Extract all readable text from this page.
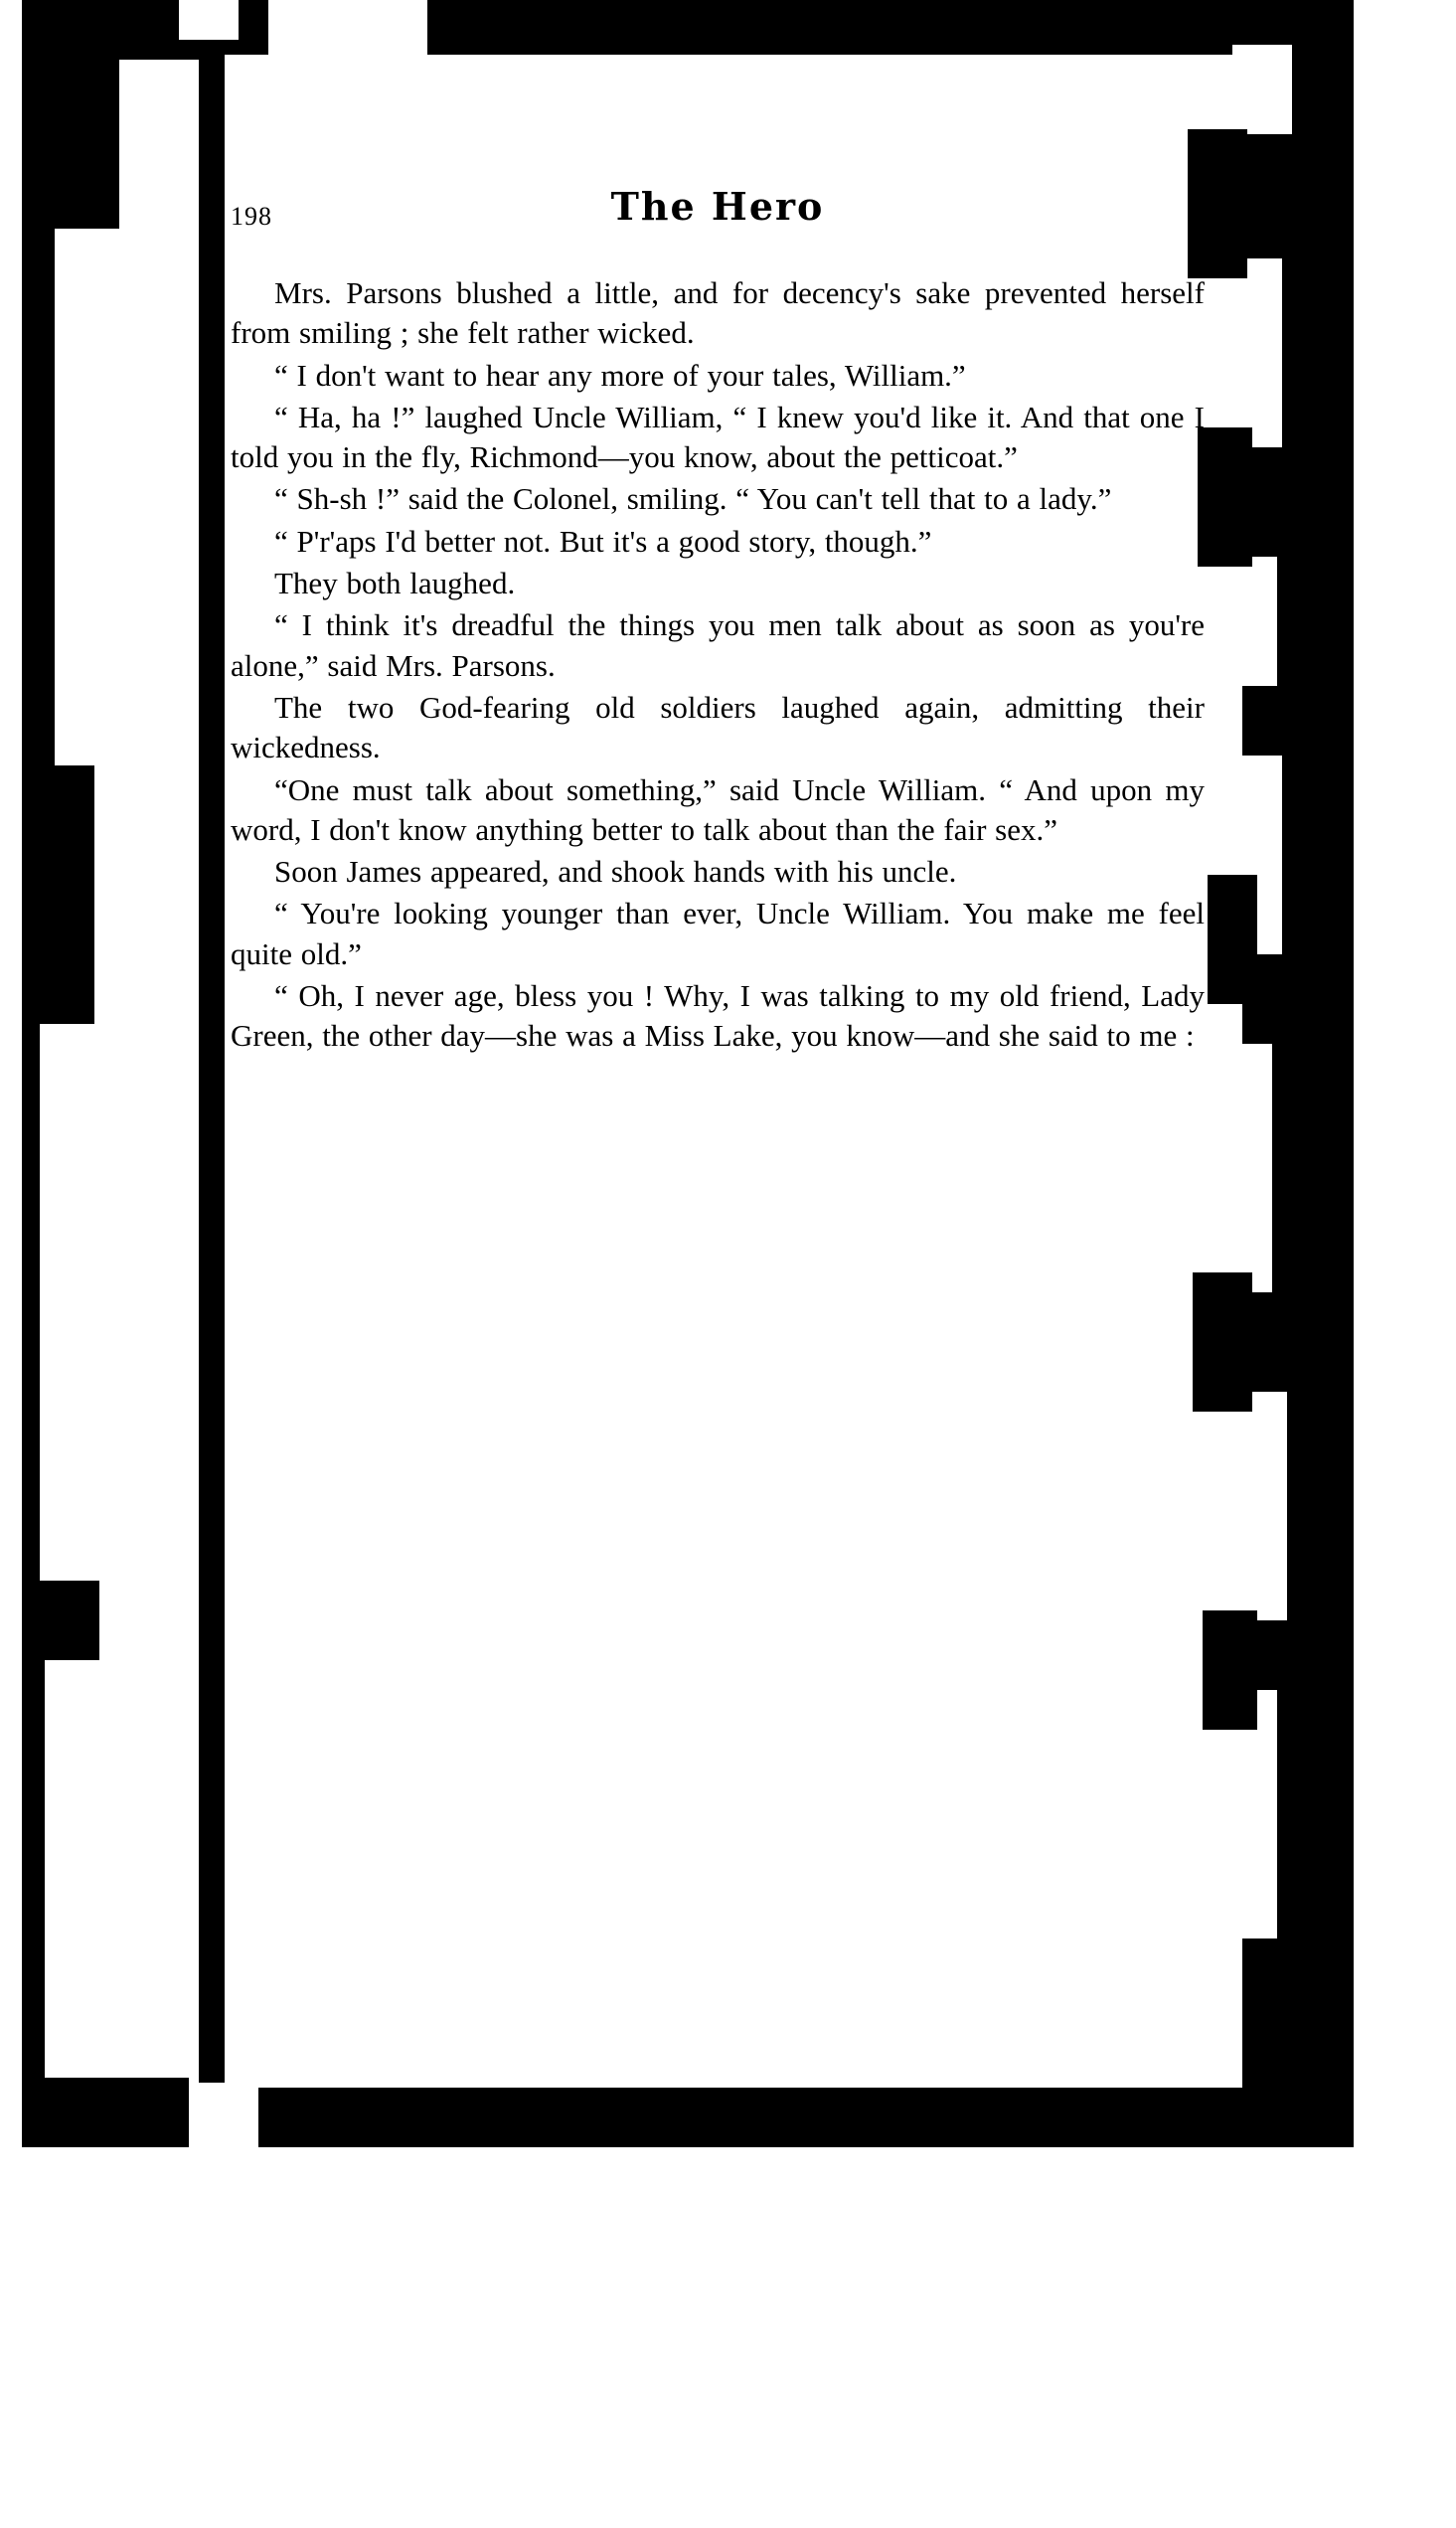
198	The Hero

Mrs. Parsons blushed a little, and for decency's sake prevented herself from smiling ; she felt rather wicked.

“ I don't want to hear any more of your tales, William.”

“ Ha, ha !” laughed Uncle William, “ I knew you'd like it. And that one I told you in the fly, Richmond—you know, about the petticoat.”

“ Sh-sh !” said the Colonel, smiling. “ You can't tell that to a lady.”

“ P'r'aps I'd better not. But it's a good story, though.”

They both laughed.

“ I think it's dreadful the things you men talk about as soon as you're alone,” said Mrs. Parsons.

The two God-fearing old soldiers laughed again, admitting their wickedness.

“One must talk about something,” said Uncle William. “ And upon my word, I don't know anything better to talk about than the fair sex.”

Soon James appeared, and shook hands with his uncle.

“ You're looking younger than ever, Uncle William. You make me feel quite old.”

“ Oh, I never age, bless you ! Why, I was talking to my old friend, Lady Green, the other day—she was a Miss Lake, you know—and she said to me :
